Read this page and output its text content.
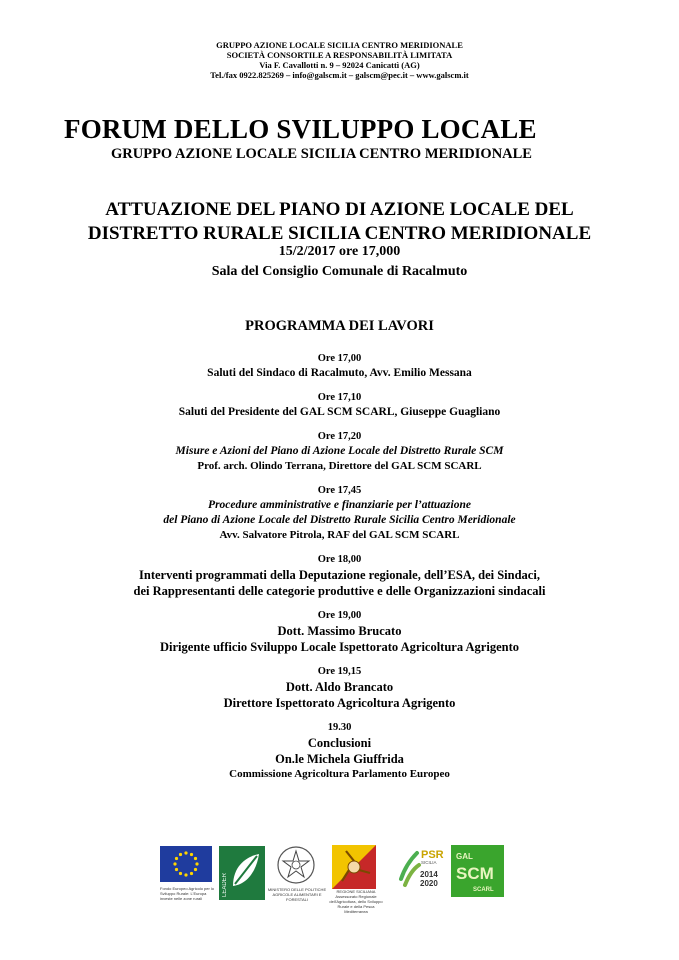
GRUPPO AZIONE LOCALE SICILIA CENTRO MERIDIONALE
SOCIETÀ CONSORTILE A RESPONSABILITÀ LIMITATA
Via F. Cavallotti n. 9 – 92024 Canicattì (AG)
Tel./fax 0922.825269 – info@galscm.it – galscm@pec.it – www.galscm.it
FORUM DELLO SVILUPPO LOCALE
GRUPPO AZIONE LOCALE SICILIA CENTRO MERIDIONALE
ATTUAZIONE DEL PIANO DI AZIONE LOCALE DEL
DISTRETTO RURALE SICILIA CENTRO MERIDIONALE
15/2/2017 ore 17,000
Sala del Consiglio Comunale di Racalmuto
PROGRAMMA DEI LAVORI
Ore 17,00
Saluti del Sindaco di Racalmuto, Avv. Emilio Messana
Ore 17,10
Saluti del Presidente del GAL SCM SCARL, Giuseppe Guagliano
Ore 17,20
Misure e Azioni del Piano di Azione Locale del Distretto Rurale SCM
Prof. arch. Olindo Terrana, Direttore del GAL SCM SCARL
Ore 17,45
Procedure amministrative e finanziarie per l’attuazione
del Piano di Azione Locale del Distretto Rurale Sicilia Centro Meridionale
Avv. Salvatore Pitrola, RAF del GAL SCM SCARL
Ore 18,00
Interventi programmati della Deputazione regionale, dell’ESA, dei Sindaci,
dei Rappresentanti delle categorie produttive e delle Organizzazioni sindacali
Ore 19,00
Dott. Massimo Brucato
Dirigente ufficio Sviluppo Locale Ispettorato Agricoltura Agrigento
Ore 19,15
Dott. Aldo Brancato
Direttore Ispettorato Agricoltura Agrigento
19.30
Conclusioni
On.le Michela Giuffrida
Commissione Agricoltura Parlamento Europeo
Fondo Europeo Agricolo per lo Sviluppo Rurale: L'Europa investe nelle zone rurali
LEADER	MINISTERO DELLE POLITICHE AGRICOLE ALIMENTARI E FORESTALI
REGIONE SICILIANA Assessorato Regionale dell'Agricoltura, dello Sviluppo Rurale e della Pesca Mediterranea
PSR
SICILIA
2014
2020
GAL
SCM
SCARL
